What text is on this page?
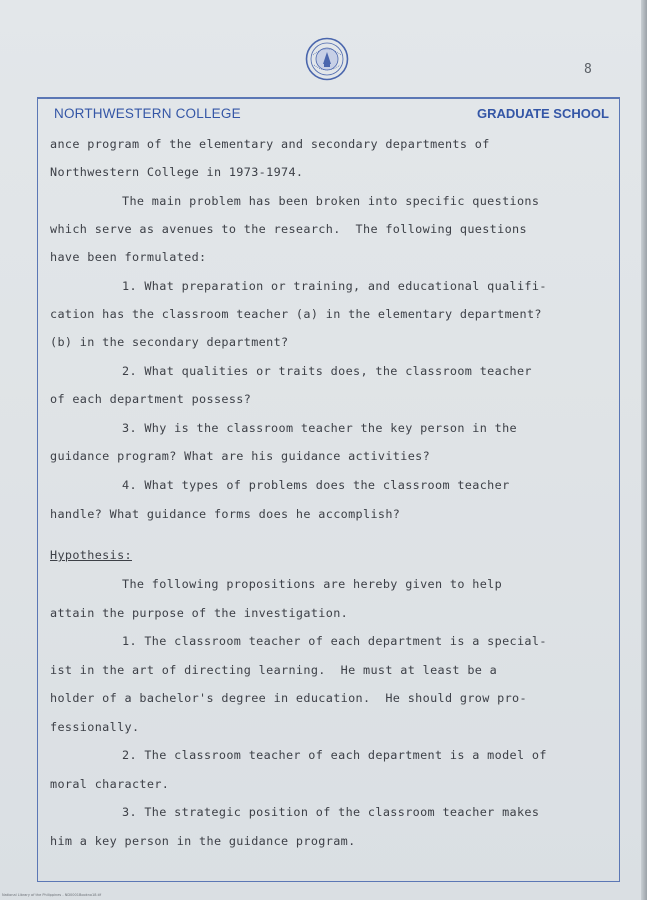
8
NORTHWESTERN COLLEGE	GRADUATE SCHOOL
ance program of the elementary and secondary departments of
Northwestern College in 1973-1974.
The main problem has been broken into specific questions
which serve as avenues to the research.  The following questions
have been formulated:
1. What preparation or training, and educational qualifi-
cation has the classroom teacher (a) in the elementary department?
(b) in the secondary department?
2. What qualities or traits does, the classroom teacher
of each department possess?
3. Why is the classroom teacher the key person in the
guidance program? What are his guidance activities?
4. What types of problems does the classroom teacher
handle? What guidance forms does he accomplish?
Hypothesis:
The following propositions are hereby given to help
attain the purpose of the investigation.
1. The classroom teacher of each department is a special-
ist in the art of directing learning.  He must at least be a
holder of a bachelor's degree in education.  He should grow pro-
fessionally.
2. The classroom teacher of each department is a model of
moral character.
3. The strategic position of the classroom teacher makes
him a key person in the guidance program.
National Library of the Philippines - ND0001Bookno18.tif
